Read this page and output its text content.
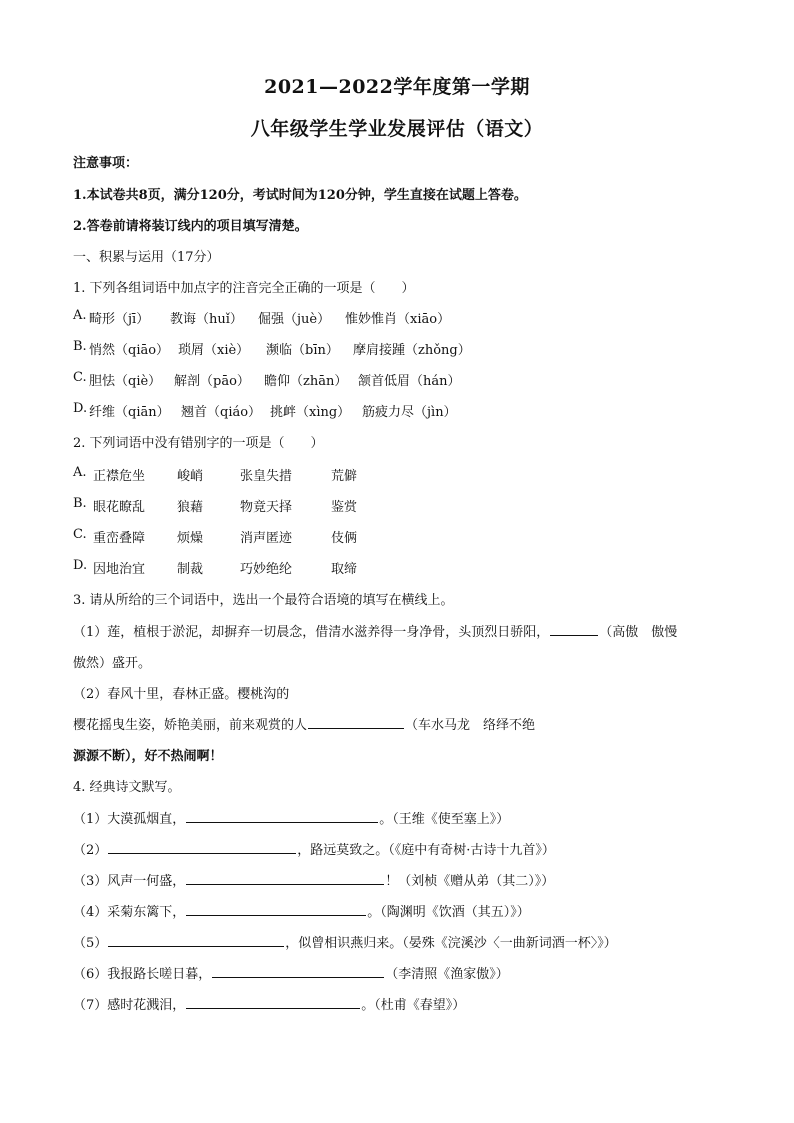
2021—2022学年度第一学期
八年级学生学业发展评估（语文）
注意事项：
1.本试卷共8页，满分120分，考试时间为120分钟，学生直接在试题上答卷。
2.答卷前请将装订线内的项目填写清楚。
一、积累与运用（17分）
1. 下列各组词语中加点字的注音完全正确的一项是（　　）
A. 畸形（jī） 教诲（huǐ） 倔强（juè） 惟妙惟肖（xiāo）
B. 悄然（qiāo） 琐屑（xiè） 濒临（bīn） 摩肩接踵（zhǒng）
C. 胆怯（qiè） 解剖（pāo） 瞻仰（zhān） 颔首低眉（hán）
D. 纤维（qiān） 翘首（qiáo） 挑衅（xìng） 筋疲力尽（jìn）
2. 下列词语中没有错别字的一项是（　　）
A. 正襟危坐 峻峭	张皇失措	荒僻
B. 眼花瞭乱 狼藉	物竟天择	鉴赏
C. 重峦叠障 烦燥	消声匿迹	伎俩
D. 因地治宜 制裁	巧妙绝纶	取缔
3. 请从所给的三个词语中，选出一个最符合语境的填写在横线上。
（1）莲，植根于淤泥，却摒弃一切晨念，借清水滋养得一身净骨，头顶烈日骄阳，	（高傲　傲慢
傲然）盛开。
（2）春风十里，春林正盛。樱桃沟的
樱花摇曳生姿，娇艳美丽，前来观赏的人	（车水马龙　络绎不绝
源源不断），好不热闹啊！
4. 经典诗文默写。
（1）大漠孤烟直，	。（王维《使至塞上》）
（2）	，路远莫致之。（《庭中有奇树·古诗十九首》）
（3）风声一何盛，	！（刘桢《赠从弟（其二）》）
（4）采菊东篱下，	。（陶渊明《饮酒（其五）》）
（5）	，似曾相识燕归来。（晏殊《浣溪沙〈一曲新词酒一杯〉》）
（6）我报路长嗟日暮，	（李清照《渔家傲》）
（7）感时花溅泪，	。（杜甫《春望》）
